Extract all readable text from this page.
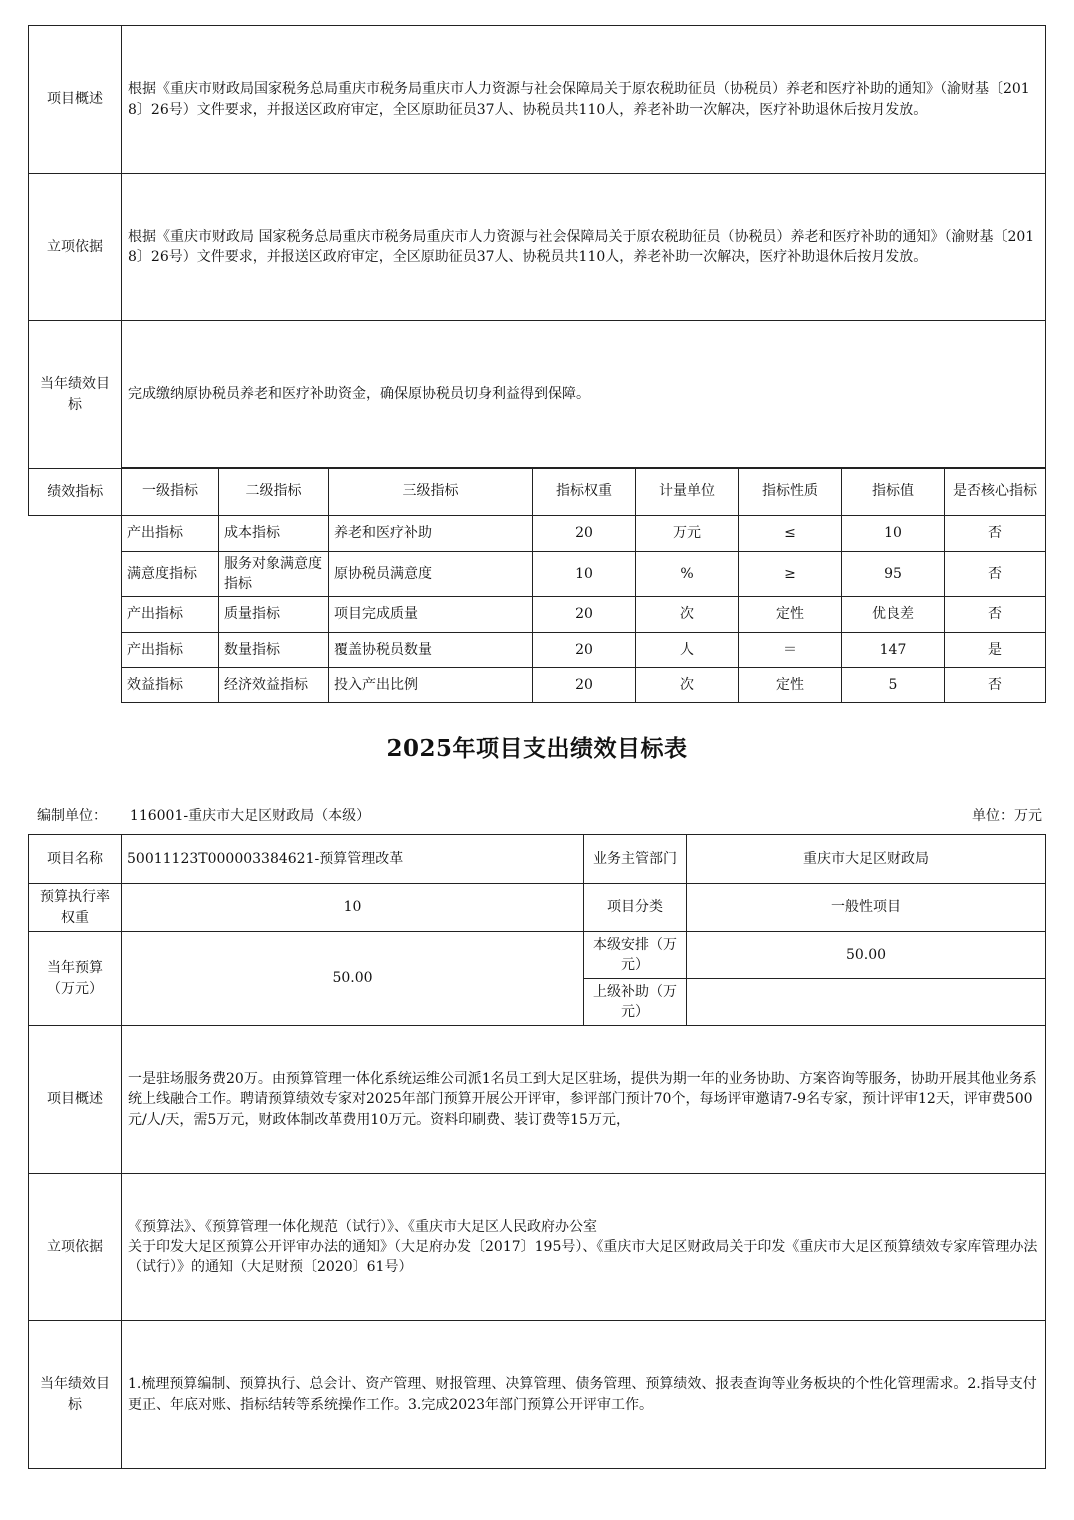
项目概述	根据《重庆市财政局国家税务总局重庆市税务局重庆市人力资源与社会保障局关于原农税助征员（协税员）养老和医疗补助的通知》（渝财基〔2018〕26号）文件要求，并报送区政府审定，全区原助征员37人、协税员共110人，养老补助一次解决，医疗补助退休后按月发放。
立项依据	根据《重庆市财政局 国家税务总局重庆市税务局重庆市人力资源与社会保障局关于原农税助征员（协税员）养老和医疗补助的通知》（渝财基〔2018〕26号）文件要求，并报送区政府审定，全区原助征员37人、协税员共110人，养老补助一次解决，医疗补助退休后按月发放。
当年绩效目标	完成缴纳原协税员养老和医疗补助资金，确保原协税员切身利益得到保障。
绩效指标	一级指标	二级指标	三级指标	指标权重	计量单位	指标性质	指标值	是否核心指标
产出指标	成本指标	养老和医疗补助	20	万元	≤	10	否
满意度指标	服务对象满意度指标	原协税员满意度	10	%	≥	95	否
产出指标	质量指标	项目完成质量	20	次	定性	优良差	否
产出指标	数量指标	覆盖协税员数量	20	人	＝	147	是
效益指标	经济效益指标	投入产出比例	20	次	定性	5	否
2025年项目支出绩效目标表
编制单位： 116001-重庆市大足区财政局（本级）	单位：万元
项目名称	50011123T000003384621-预算管理改革	业务主管部门	重庆市大足区财政局
预算执行率权重	10	项目分类	一般性项目
当年预算（万元）	50.00	本级安排（万元）	50.00
		上级补助（万元）	
项目概述	一是驻场服务费20万。由预算管理一体化系统运维公司派1名员工到大足区驻场，提供为期一年的业务协助、方案咨询等服务，协助开展其他业务系统上线融合工作。聘请预算绩效专家对2025年部门预算开展公开评审，参评部门预计70个，每场评审邀请7-9名专家，预计评审12天，评审费500元/人/天，需5万元，财政体制改革费用10万元。资料印刷费、装订费等15万元，		
立项依据	《预算法》、《预算管理一体化规范（试行）》、《重庆市大足区人民政府办公室
关于印发大足区预算公开评审办法的通知》（大足府办发〔2017〕195号）、《重庆市大足区财政局关于印发《重庆市大足区预算绩效专家库管理办法（试行）》的通知（大足财预〔2020〕61号）		

当年绩效目标	1.梳理预算编制、预算执行、总会计、资产管理、财报管理、决算管理、债务管理、预算绩效、报表查询等业务板块的个性化管理需求。2.指导支付更正、年底对账、指标结转等系统操作工作。3.完成2023年部门预算公开评审工作。		
